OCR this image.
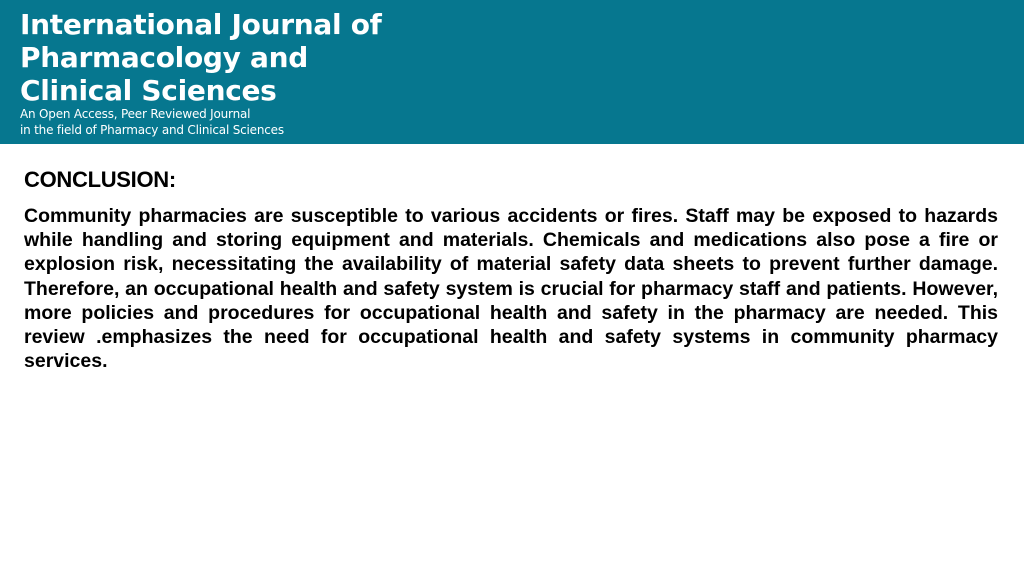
International Journal of
Pharmacology and
Clinical Sciences
An Open Access, Peer Reviewed Journal
in the field of Pharmacy and Clinical Sciences
CONCLUSION:

Community pharmacies are susceptible to various accidents or fires. Staff may be exposed to hazards while handling and storing equipment and materials. Chemicals and medications also pose a fire or explosion risk, necessitating the availability of material safety data sheets to prevent further damage. Therefore, an occupational health and safety system is crucial for pharmacy staff and patients. However, more policies and procedures for occupational health and safety in the pharmacy are needed. This review .emphasizes the need for occupational health and safety systems in community pharmacy services.
